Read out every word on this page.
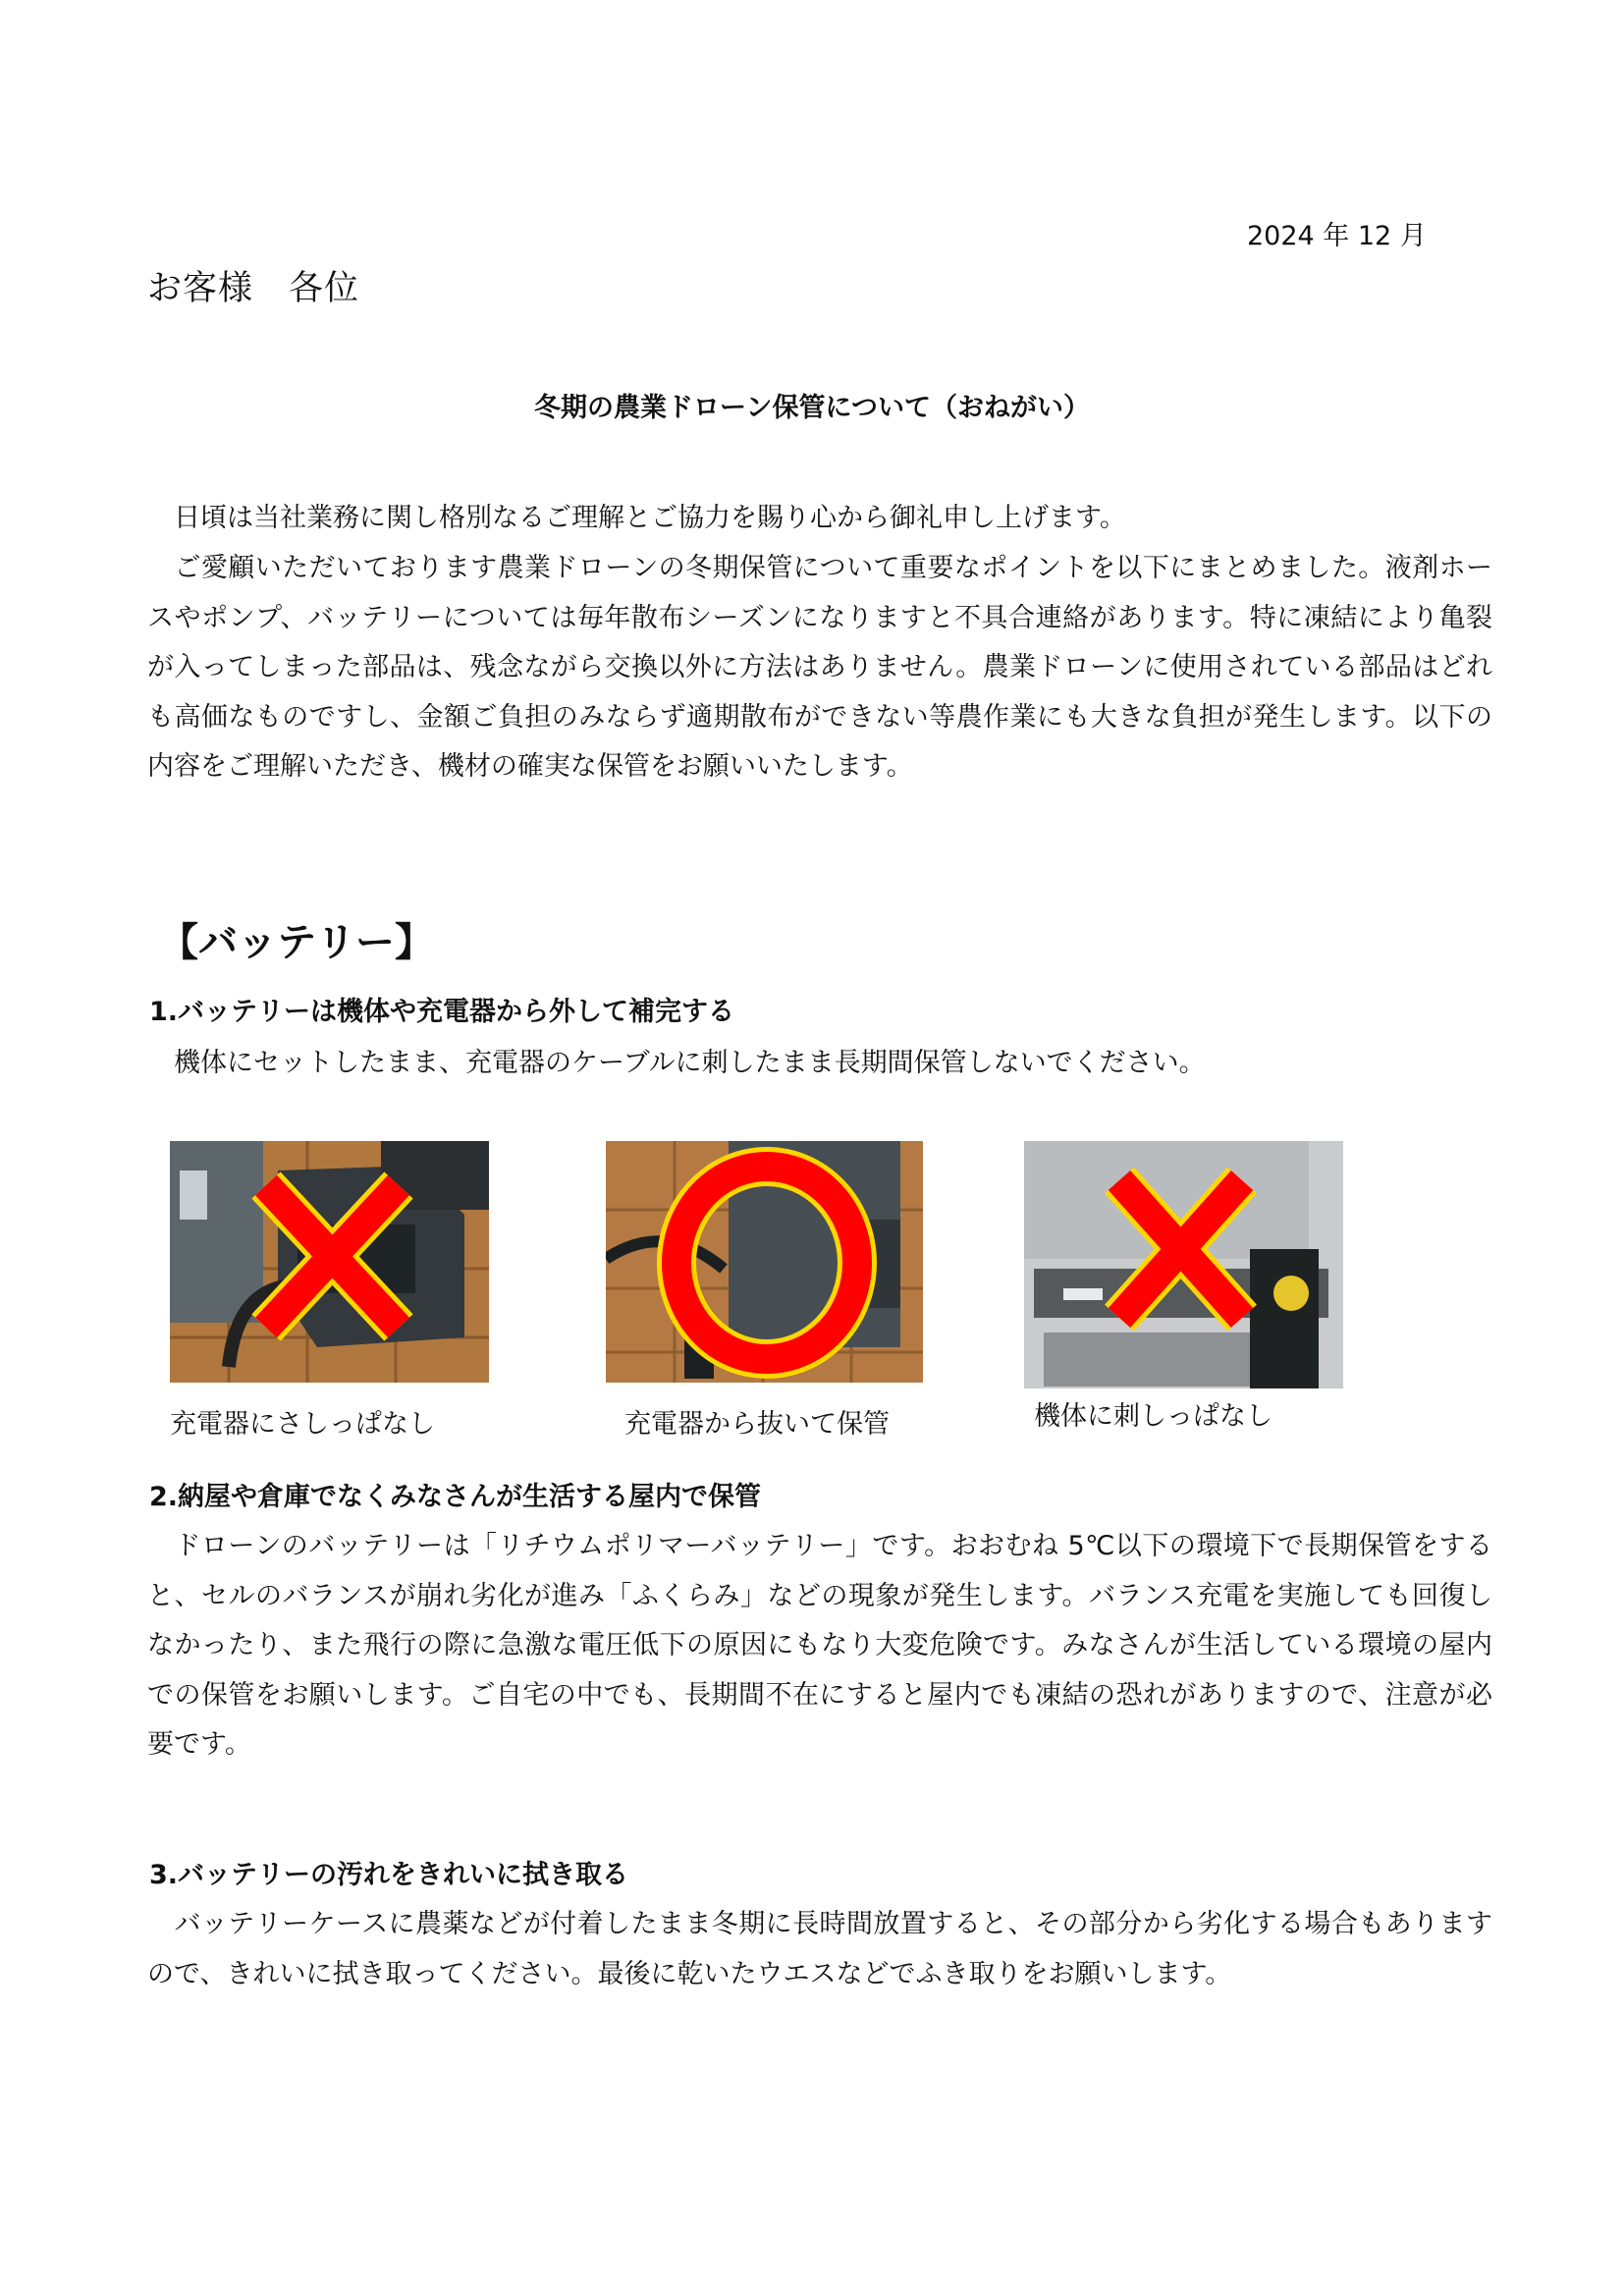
2024 年 12 月
お客様　各位
冬期の農業ドローン保管について（おねがい）
　日頃は当社業務に関し格別なるご理解とご協力を賜り心から御礼申し上げます。
　ご愛顧いただいております農業ドローンの冬期保管について重要なポイントを以下にまとめました。液剤ホースやポンプ、バッテリーについては毎年散布シーズンになりますと不具合連絡があります。特に凍結により亀裂が入ってしまった部品は、残念ながら交換以外に方法はありません。農業ドローンに使用されている部品はどれも高価なものですし、金額ご負担のみならず適期散布ができない等農作業にも大きな負担が発生します。以下の内容をご理解いただき、機材の確実な保管をお願いいたします。
【バッテリー】
1.バッテリーは機体や充電器から外して補完する
　機体にセットしたまま、充電器のケーブルに刺したまま長期間保管しないでください。
充電器にさしっぱなし	充電器から抜いて保管	機体に刺しっぱなし
2.納屋や倉庫でなくみなさんが生活する屋内で保管
　ドローンのバッテリーは「リチウムポリマーバッテリー」です。おおむね 5℃以下の環境下で長期保管をすると、セルのバランスが崩れ劣化が進み「ふくらみ」などの現象が発生します。バランス充電を実施しても回復しなかったり、また飛行の際に急激な電圧低下の原因にもなり大変危険です。みなさんが生活している環境の屋内での保管をお願いします。ご自宅の中でも、長期間不在にすると屋内でも凍結の恐れがありますので、注意が必要です。
3.バッテリーの汚れをきれいに拭き取る
　バッテリーケースに農薬などが付着したまま冬期に長時間放置すると、その部分から劣化する場合もありますので、きれいに拭き取ってください。最後に乾いたウエスなどでふき取りをお願いします。
